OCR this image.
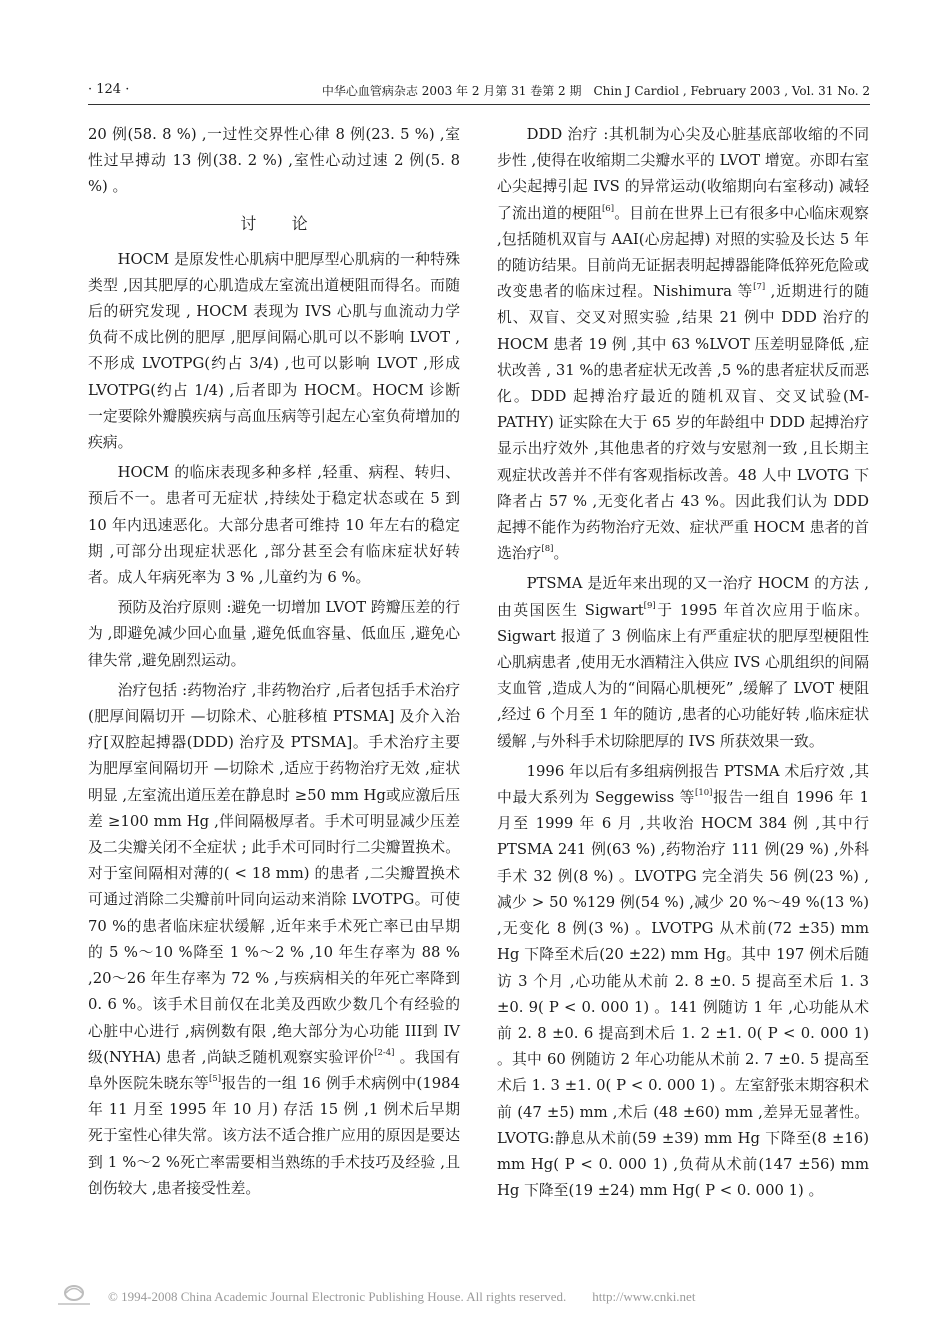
· 124 ·	中华心血管病杂志 2003 年 2 月第 31 卷第 2 期　Chin J Cardiol , February 2003 , Vol. 31 No. 2

20 例(58. 8 %) ,一过性交界性心律 8 例(23. 5 %) ,室性过早搏动 13 例(38. 2 %) ,室性心动过速 2 例(5. 8 %) 。

讨论

HOCM 是原发性心肌病中肥厚型心肌病的一种特殊类型 ,因其肥厚的心肌造成左室流出道梗阻而得名。而随后的研究发现 , HOCM 表现为 IVS 心肌与血流动力学负荷不成比例的肥厚 ,肥厚间隔心肌可以不影响 LVOT ,不形成 LVOTPG(约占 3/4) ,也可以影响 LVOT ,形成 LVOTPG(约占 1/4) ,后者即为 HOCM。HOCM 诊断一定要除外瓣膜疾病与高血压病等引起左心室负荷增加的疾病。

HOCM 的临床表现多种多样 ,轻重、病程、转归、预后不一。患者可无症状 ,持续处于稳定状态或在 5 到 10 年内迅速恶化。大部分患者可维持 10 年左右的稳定期 ,可部分出现症状恶化 ,部分甚至会有临床症状好转者。成人年病死率为 3 % ,儿童约为 6 %。

预防及治疗原则 :避免一切增加 LVOT 跨瓣压差的行为 ,即避免减少回心血量 ,避免低血容量、低血压 ,避免心律失常 ,避免剧烈运动。

治疗包括 :药物治疗 ,非药物治疗 ,后者包括手术治疗(肥厚间隔切开 —切除术、心脏移植 PTSMA] 及介入治疗[双腔起搏器(DDD) 治疗及 PTSMA]。手术治疗主要为肥厚室间隔切开 —切除术 ,适应于药物治疗无效 ,症状明显 ,左室流出道压差在静息时 ≥50 mm Hg或应激后压差 ≥100 mm Hg ,伴间隔极厚者。手术可明显减少压差及二尖瓣关闭不全症状 ; 此手术可同时行二尖瓣置换术。对于室间隔相对薄的( < 18 mm) 的患者 ,二尖瓣置换术可通过消除二尖瓣前叶同向运动来消除 LVOTPG。可使 70 %的患者临床症状缓解 ,近年来手术死亡率已由早期的 5 %～10 %降至 1 %～2 % ,10 年生存率为 88 % ,20～26 年生存率为 72 % ,与疾病相关的年死亡率降到 0. 6 %。该手术目前仅在北美及西欧少数几个有经验的心脏中心进行 ,病例数有限 ,绝大部分为心功能 III到 IV级(NYHA) 患者 ,尚缺乏随机观察实验评价[2-4] 。我国有阜外医院朱晓东等[5]报告的一组 16 例手术病例中(1984 年 11 月至 1995 年 10 月) 存活 15 例 ,1 例术后早期死于室性心律失常。该方法不适合推广应用的原因是要达到 1 %～2 %死亡率需要相当熟练的手术技巧及经验 ,且创伤较大 ,患者接受性差。

DDD 治疗 :其机制为心尖及心脏基底部收缩的不同步性 ,使得在收缩期二尖瓣水平的 LVOT 增宽。亦即右室心尖起搏引起 IVS 的异常运动(收缩期向右室移动) 减轻了流出道的梗阻[6]。目前在世界上已有很多中心临床观察 ,包括随机双盲与 AAI(心房起搏) 对照的实验及长达 5 年的随访结果。目前尚无证据表明起搏器能降低猝死危险或改变患者的临床过程。Nishimura 等[7] ,近期进行的随机、双盲、交叉对照实验 ,结果 21 例中 DDD 治疗的 HOCM 患者 19 例 ,其中 63 %LVOT 压差明显降低 ,症状改善 , 31 %的患者症状无改善 ,5 %的患者症状反而恶化。DDD 起搏治疗最近的随机双盲、交叉试验(M-PATHY) 证实除在大于 65 岁的年龄组中 DDD 起搏治疗显示出疗效外 ,其他患者的疗效与安慰剂一致 ,且长期主观症状改善并不伴有客观指标改善。48 人中 LVOTG 下降者占 57 % ,无变化者占 43 %。因此我们认为 DDD 起搏不能作为药物治疗无效、症状严重 HOCM 患者的首选治疗[8]。

PTSMA 是近年来出现的又一治疗 HOCM 的方法 ,由英国医生 Sigwart[9]于 1995 年首次应用于临床。Sigwart 报道了 3 例临床上有严重症状的肥厚型梗阻性心肌病患者 ,使用无水酒精注入供应 IVS 心肌组织的间隔支血管 ,造成人为的“间隔心肌梗死” ,缓解了 LVOT 梗阻 ,经过 6 个月至 1 年的随访 ,患者的心功能好转 ,临床症状缓解 ,与外科手术切除肥厚的 IVS 所获效果一致。

1996 年以后有多组病例报告 PTSMA 术后疗效 ,其中最大系列为 Seggewiss 等[10]报告一组自 1996 年 1 月至 1999 年 6 月 ,共收治 HOCM 384 例 ,其中行 PTSMA 241 例(63 %) ,药物治疗 111 例(29 %) ,外科手术 32 例(8 %) 。LVOTPG 完全消失 56 例(23 %) ,减少 > 50 %129 例(54 %) ,减少 20 %～49 %(13 %) ,无变化 8 例(3 %) 。LVOTPG 从术前(72 ±35) mm Hg 下降至术后(20 ±22) mm Hg。其中 197 例术后随访 3 个月 ,心功能从术前 2. 8 ±0. 5 提高至术后 1. 3 ±0. 9( P < 0. 000 1) 。141 例随访 1 年 ,心功能从术前 2. 8 ±0. 6 提高到术后 1. 2 ±1. 0( P < 0. 000 1) 。其中 60 例随访 2 年心功能从术前 2. 7 ±0. 5 提高至术后 1. 3 ±1. 0( P < 0. 000 1) 。左室舒张末期容积术前 (47 ±5) mm ,术后 (48 ±60) mm ,差异无显著性。LVOTG:静息从术前(59 ±39) mm Hg 下降至(8 ±16) mm Hg( P < 0. 000 1) ,负荷从术前(147 ±56) mm Hg 下降至(19 ±24) mm Hg( P < 0. 000 1) 。

© 1994-2008 China Academic Journal Electronic Publishing House. All rights reserved.　　http://www.cnki.net
